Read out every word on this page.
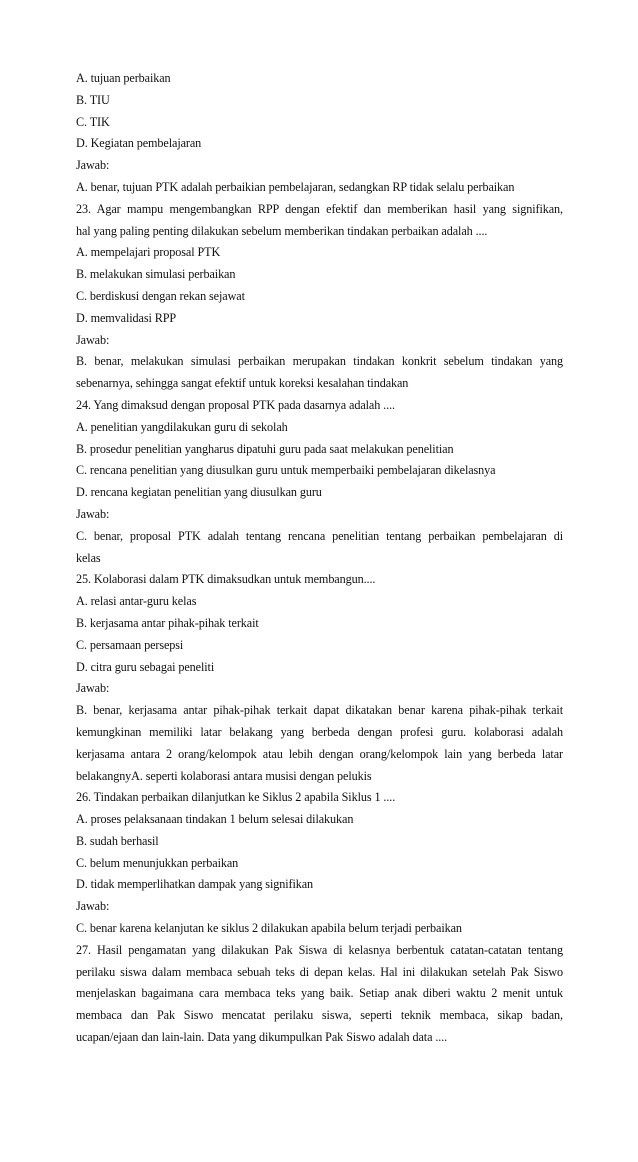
A. tujuan perbaikan
B. TIU
C. TIK
D. Kegiatan pembelajaran
Jawab:
A. benar, tujuan PTK adalah perbaikian pembelajaran, sedangkan RP tidak selalu perbaikan
23. Agar mampu mengembangkan RPP dengan efektif dan memberikan hasil yang signifikan,
hal yang paling penting dilakukan sebelum memberikan tindakan perbaikan adalah ....
A. mempelajari proposal PTK
B. melakukan simulasi perbaikan
C. berdiskusi dengan rekan sejawat
D. memvalidasi RPP
Jawab:
B. benar, melakukan simulasi perbaikan merupakan tindakan konkrit sebelum tindakan yang
sebenarnya, sehingga sangat efektif untuk koreksi kesalahan tindakan
24. Yang dimaksud dengan proposal PTK pada dasarnya adalah ....
A. penelitian yangdilakukan guru di sekolah
B. prosedur penelitian yangharus dipatuhi guru pada saat melakukan penelitian
C. rencana penelitian yang diusulkan guru untuk memperbaiki pembelajaran dikelasnya
D. rencana kegiatan penelitian yang diusulkan guru
Jawab:
C. benar, proposal PTK adalah tentang rencana penelitian tentang perbaikan pembelajaran di
kelas
25. Kolaborasi dalam PTK dimaksudkan untuk membangun....
A. relasi antar-guru kelas
B. kerjasama antar pihak-pihak terkait
C. persamaan persepsi
D. citra guru sebagai peneliti
Jawab:
B. benar, kerjasama antar pihak-pihak terkait dapat dikatakan benar karena pihak-pihak terkait
kemungkinan memiliki latar belakang yang berbeda dengan profesi guru. kolaborasi adalah
kerjasama antara 2 orang/kelompok atau lebih dengan orang/kelompok lain yang berbeda latar
belakangnyA. seperti kolaborasi antara musisi dengan pelukis
26. Tindakan perbaikan dilanjutkan ke Siklus 2 apabila Siklus 1 ....
A. proses pelaksanaan tindakan 1 belum selesai dilakukan
B. sudah berhasil
C. belum menunjukkan perbaikan
D. tidak memperlihatkan dampak yang signifikan
Jawab:
C. benar karena kelanjutan ke siklus 2 dilakukan apabila belum terjadi perbaikan
27. Hasil pengamatan yang dilakukan Pak Siswa di kelasnya berbentuk catatan-catatan tentang
perilaku siswa dalam membaca sebuah teks di depan kelas. Hal ini dilakukan setelah Pak Siswo
menjelaskan bagaimana cara membaca teks yang baik. Setiap anak diberi waktu 2 menit untuk
membaca dan Pak Siswo mencatat perilaku siswa, seperti teknik membaca, sikap badan,
ucapan/ejaan dan lain-lain. Data yang dikumpulkan Pak Siswo adalah data ....
